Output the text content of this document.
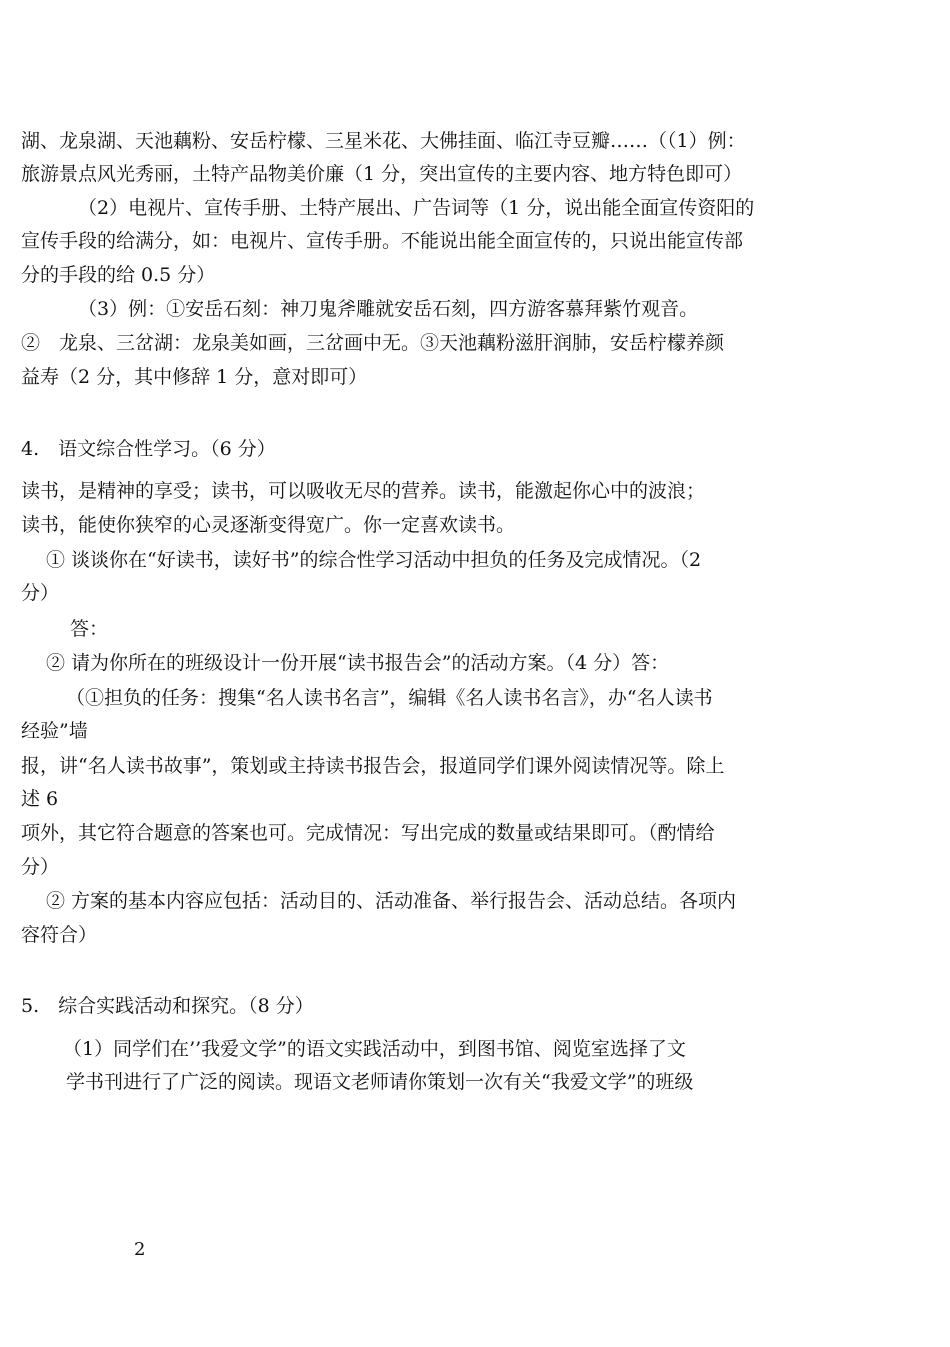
湖、龙泉湖、天池藕粉、安岳柠檬、三星米花、大佛挂面、临江寺豆瓣……（（1）例：
旅游景点风光秀丽，土特产品物美价廉（1 分，突出宣传的主要内容、地方特色即可）
（2）电视片、宣传手册、土特产展出、广告词等（1 分，说出能全面宣传资阳的
宣传手段的给满分，如：电视片、宣传手册。不能说出能全面宣传的，只说出能宣传部
分的手段的给 0.5 分）
（3）例：①安岳石刻：神刀鬼斧雕就安岳石刻，四方游客慕拜紫竹观音。
②　龙泉、三岔湖：龙泉美如画，三岔画中无。③天池藕粉滋肝润肺，安岳柠檬养颜
益寿（2 分，其中修辞 1 分，意对即可）
4.　语文综合性学习。（6 分）
读书，是精神的享受；读书，可以吸收无尽的营养。读书，能激起你心中的波浪；
读书，能使你狭窄的心灵逐渐变得宽广。你一定喜欢读书。
① 谈谈你在“好读书，读好书”的综合性学习活动中担负的任务及完成情况。（2
分）
答：
② 请为你所在的班级设计一份开展“读书报告会”的活动方案。（4 分）答：
（①担负的任务：搜集“名人读书名言”，编辑《名人读书名言》，办“名人读书
经验”墙
报，讲“名人读书故事”，策划或主持读书报告会，报道同学们课外阅读情况等。除上
述 6
项外，其它符合题意的答案也可。完成情况：写出完成的数量或结果即可。（酌情给
分）
② 方案的基本内容应包括：活动目的、活动准备、举行报告会、活动总结。各项内
容符合）
5.　综合实践活动和探究。（8 分）
（1）同学们在’’我爱文学”的语文实践活动中，到图书馆、阅览室选择了文
学书刊进行了广泛的阅读。现语文老师请你策划一次有关“我爱文学”的班级
2
